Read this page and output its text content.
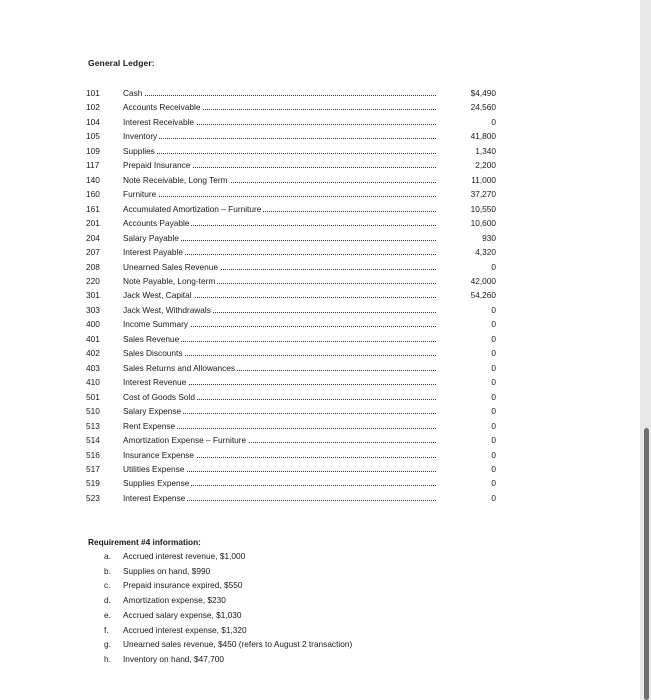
General Ledger:
101	Cash	$4,490
102	Accounts Receivable	24,560
104	Interest Receivable	0
105	Inventory	41,800
109	Supplies	1,340
117	Prepaid Insurance	2,200
140	Note Receivable, Long Term	11,000
160	Furniture	37,270
161	Accumulated Amortization – Furniture	10,550
201	Accounts Payable	10,600
204	Salary Payable	930
207	Interest Payable	4,320
208	Unearned Sales Revenue	0
220	Note Payable, Long-term	42,000
301	Jack West, Capital	54,260
303	Jack West, Withdrawals	0
400	Income Summary	0
401	Sales Revenue	0
402	Sales Discounts	0
403	Sales Returns and Allowances	0
410	Interest Revenue	0
501	Cost of Goods Sold	0
510	Salary Expense	0
513	Rent Expense	0
514	Amortization Expense – Furniture	0
516	Insurance Expense	0
517	Utilities Expense	0
519	Supplies Expense	0
523	Interest Expense	0
Requirement #4 information:
a. Accrued interest revenue, $1,000
b. Supplies on hand, $990
c. Prepaid insurance expired, $550
d. Amortization expense, $230
e. Accrued salary expense, $1,030
f. Accrued interest expense, $1,320
g. Unearned sales revenue, $450 (refers to August 2 transaction)
h. Inventory on hand, $47,700
